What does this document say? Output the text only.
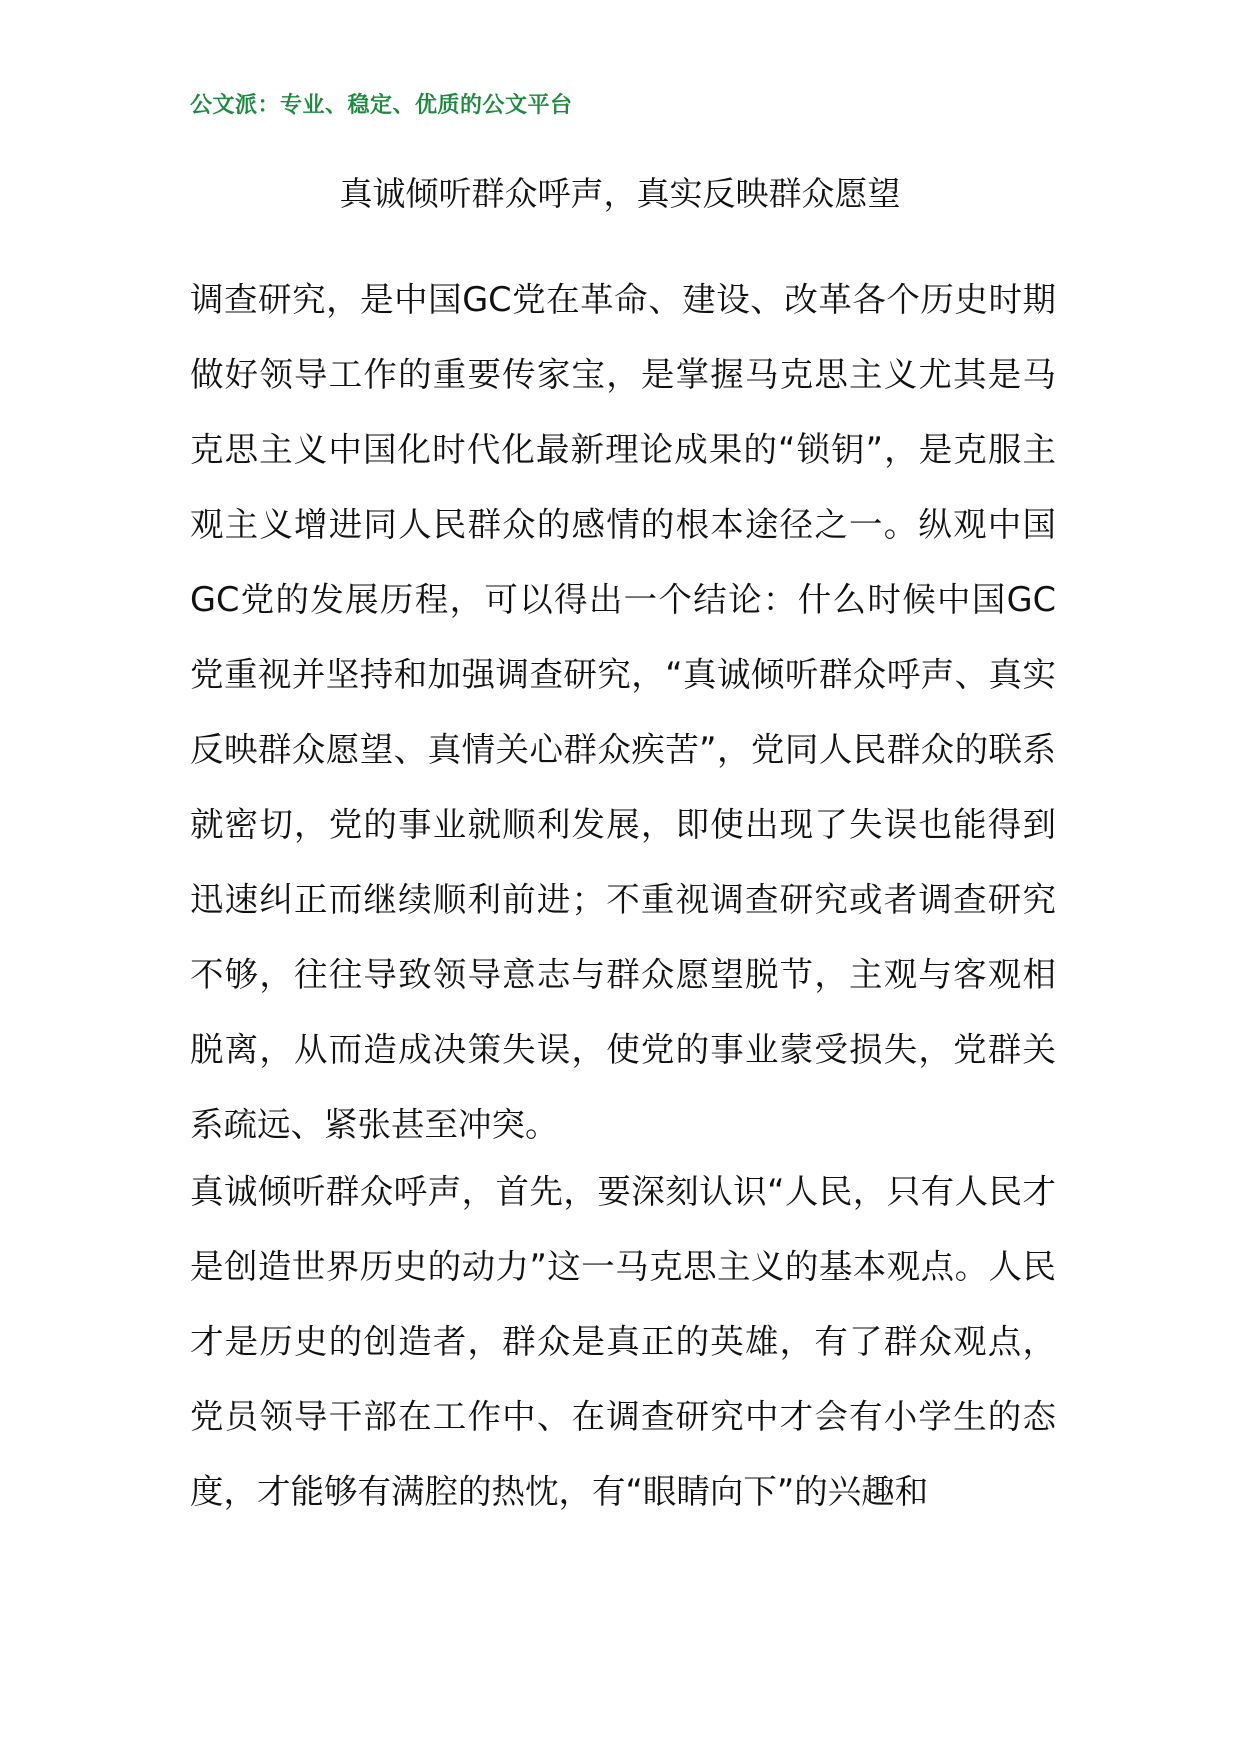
公文派：专业、稳定、优质的公文平台
真诚倾听群众呼声，真实反映群众愿望

调查研究，是中国GC党在革命、建设、改革各个历史时期做好领导工作的重要传家宝，是掌握马克思主义尤其是马克思主义中国化时代化最新理论成果的“锁钥”，是克服主观主义增进同人民群众的感情的根本途径之一。纵观中国GC党的发展历程，可以得出一个结论：什么时候中国GC党重视并坚持和加强调查研究，“真诚倾听群众呼声、真实反映群众愿望、真情关心群众疾苦”，党同人民群众的联系就密切，党的事业就顺利发展，即使出现了失误也能得到迅速纠正而继续顺利前进；不重视调查研究或者调查研究不够，往往导致领导意志与群众愿望脱节，主观与客观相脱离，从而造成决策失误，使党的事业蒙受损失，党群关系疏远、紧张甚至冲突。

真诚倾听群众呼声，首先，要深刻认识“人民，只有人民才是创造世界历史的动力”这一马克思主义的基本观点。人民才是历史的创造者，群众是真正的英雄，有了群众观点，党员领导干部在工作中、在调查研究中才会有小学生的态度，才能够有满腔的热忱，有“眼睛向下”的兴趣和
